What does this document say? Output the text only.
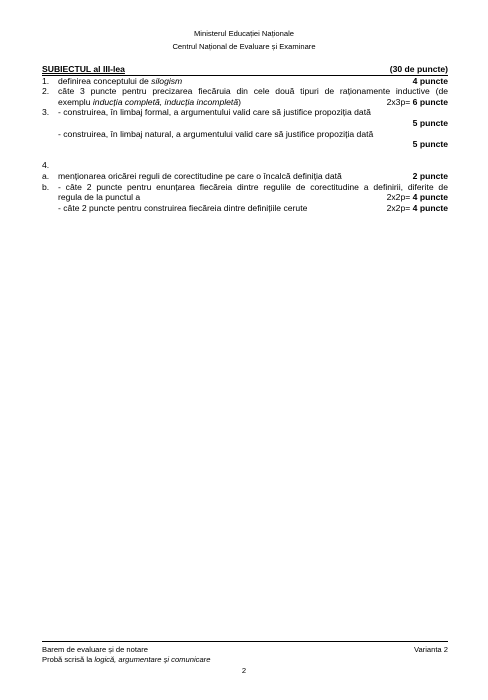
Ministerul Educației Naționale
Centrul Național de Evaluare și Examinare
SUBIECTUL al III-lea	(30 de puncte)
1.	definirea conceptului de silogism	4 puncte
2.	câte 3 puncte pentru precizarea fiecăruia din cele două tipuri de raționamente inductive (de
exemplu inducția completă, inducția incompletă)	2x3p= 6 puncte
3.	- construirea, în limbaj formal, a argumentului valid care să justifice propoziția dată
5 puncte
- construirea, în limbaj natural, a argumentului valid care să justifice propoziția dată
5 puncte
4.
a.	menționarea oricărei reguli de corectitudine pe care o încalcă definiția dată	2 puncte
b.	- câte 2 puncte pentru enunțarea fiecăreia dintre regulile de corectitudine a definirii, diferite de
regula de la punctul a	2x2p= 4 puncte
- câte 2 puncte pentru construirea fiecăreia dintre definițiile cerute	2x2p= 4 puncte
Barem de evaluare și de notare	Varianta 2
Probă scrisă la logică, argumentare și comunicare
2
